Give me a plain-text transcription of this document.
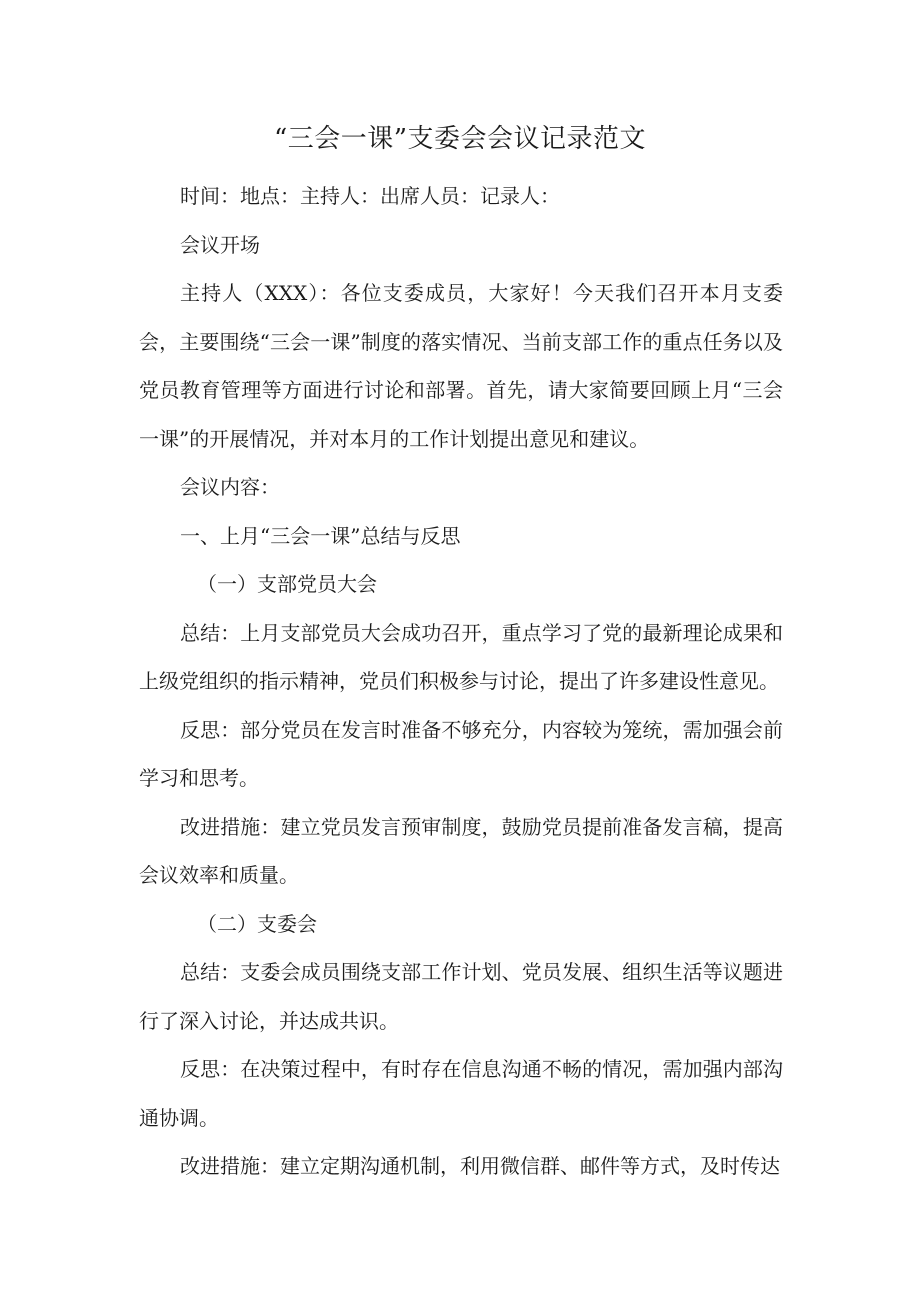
“三会一课”支委会会议记录范文

时间：地点：主持人：出席人员：记录人：

会议开场

主持人（XXX）：各位支委成员，大家好！今天我们召开本月支委会，主要围绕“三会一课”制度的落实情况、当前支部工作的重点任务以及党员教育管理等方面进行讨论和部署。首先，请大家简要回顾上月“三会一课”的开展情况，并对本月的工作计划提出意见和建议。

会议内容：

一、上月“三会一课”总结与反思

（一）支部党员大会

总结：上月支部党员大会成功召开，重点学习了党的最新理论成果和上级党组织的指示精神，党员们积极参与讨论，提出了许多建设性意见。

反思：部分党员在发言时准备不够充分，内容较为笼统，需加强会前学习和思考。

改进措施：建立党员发言预审制度，鼓励党员提前准备发言稿，提高会议效率和质量。

（二）支委会

总结：支委会成员围绕支部工作计划、党员发展、组织生活等议题进行了深入讨论，并达成共识。

反思：在决策过程中，有时存在信息沟通不畅的情况，需加强内部沟通协调。

改进措施：建立定期沟通机制，利用微信群、邮件等方式，及时传达
